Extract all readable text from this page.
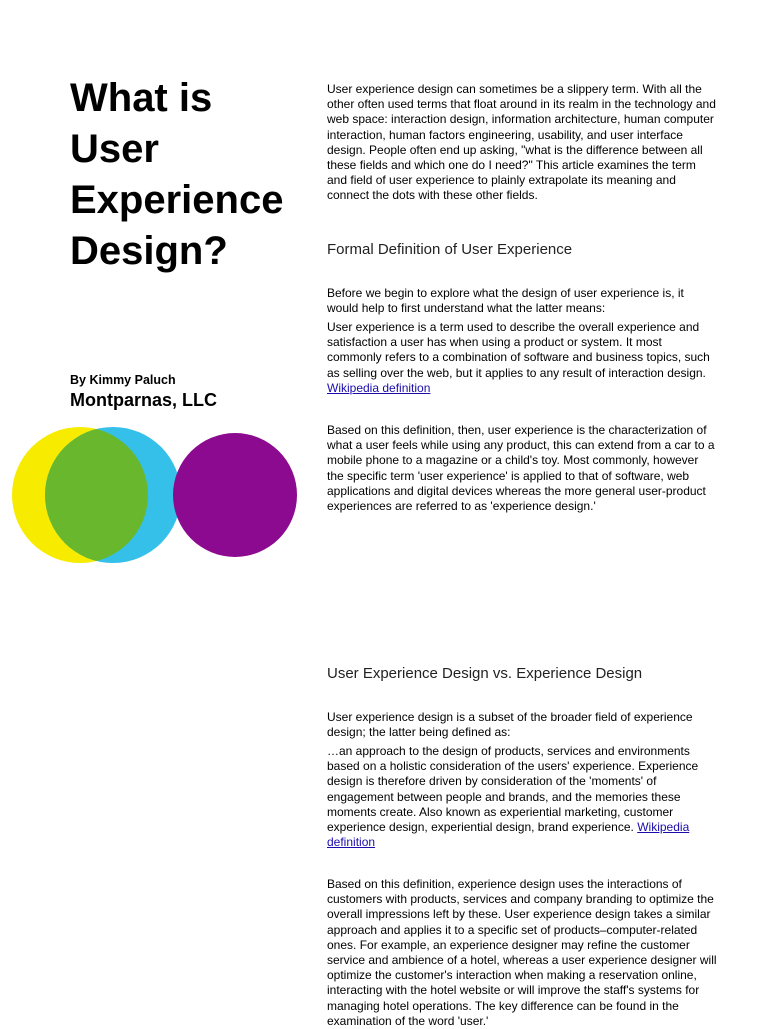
What is
User
Experience
Design?
By Kimmy Paluch
Montparnas, LLC

User experience design can sometimes be a slippery term. With all the other often used terms that float around in its realm in the technology and web space: interaction design, information architecture, human computer interaction, human factors engineering, usability, and user interface design. People often end up asking, "what is the difference between all these fields and which one do I need?" This article examines the term and field of user experience to plainly extrapolate its meaning and connect the dots with these other fields.

Formal Definition of User Experience

Before we begin to explore what the design of user experience is, it would help to first understand what the latter means:

User experience is a term used to describe the overall experience and satisfaction a user has when using a product or system. It most commonly refers to a combination of software and business topics, such as selling over the web, but it applies to any result of interaction design. Wikipedia definition

Based on this definition, then, user experience is the characterization of what a user feels while using any product, this can extend from a car to a mobile phone to a magazine or a child's toy. Most commonly, however the specific term 'user experience' is applied to that of software, web applications and digital devices whereas the more general user-product experiences are referred to as 'experience design.'

User Experience Design vs. Experience Design

User experience design is a subset of the broader field of experience design; the latter being defined as:

…an approach to the design of products, services and environments based on a holistic consideration of the users' experience. Experience design is therefore driven by consideration of the 'moments' of engagement between people and brands, and the memories these moments create. Also known as experiential marketing, customer experience design, experiential design, brand experience. Wikipedia definition

Based on this definition, experience design uses the interactions of customers with products, services and company branding to optimize the overall impressions left by these. User experience design takes a similar approach and applies it to a specific set of products–computer-related ones. For example, an experience designer may refine the customer service and ambience of a hotel, whereas a user experience designer will optimize the customer's interaction when making a reservation online, interacting with the hotel website or will improve the staff's systems for managing hotel operations. The key difference can be found in the examination of the word 'user.'
